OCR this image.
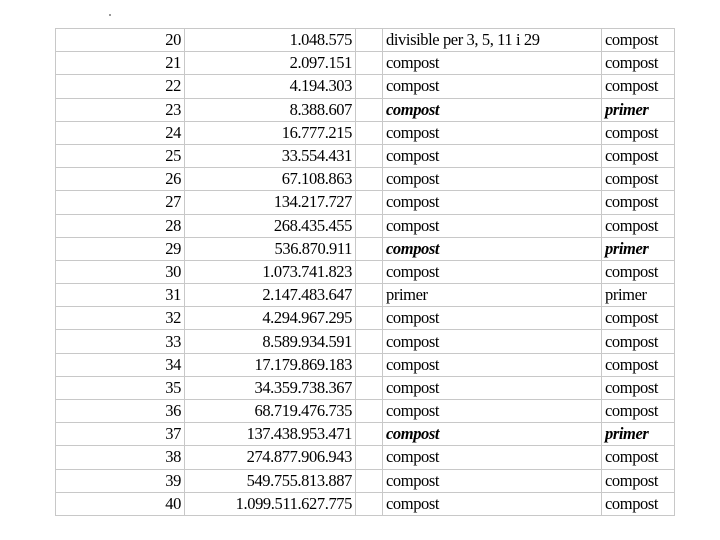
20	1.048.575		divisible per 3, 5, 11 i 29	compost
21	2.097.151		compost	compost
22	4.194.303		compost	compost
23	8.388.607		compost	primer
24	16.777.215		compost	compost
25	33.554.431		compost	compost
26	67.108.863		compost	compost
27	134.217.727		compost	compost
28	268.435.455		compost	compost
29	536.870.911		compost	primer
30	1.073.741.823		compost	compost
31	2.147.483.647		primer	primer
32	4.294.967.295		compost	compost
33	8.589.934.591		compost	compost
34	17.179.869.183		compost	compost
35	34.359.738.367		compost	compost
36	68.719.476.735		compost	compost
37	137.438.953.471		compost	primer
38	274.877.906.943		compost	compost
39	549.755.813.887		compost	compost
40	1.099.511.627.775		compost	compost
